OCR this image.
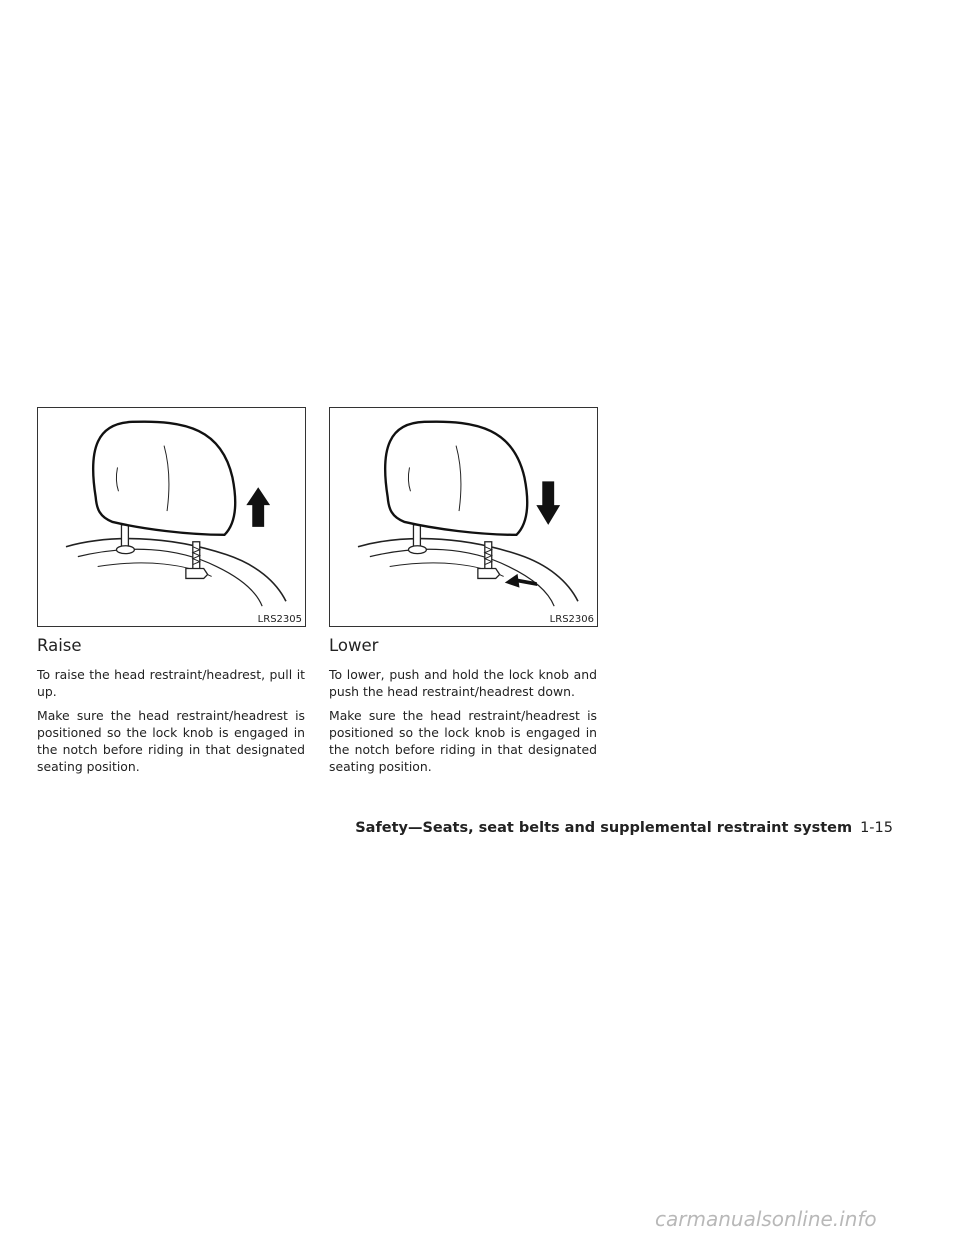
LRS2305	LRS2306
Raise

To raise the head restraint/headrest, pull it up.

Make sure the head restraint/headrest is positioned so the lock knob is engaged in the notch before riding in that designated seating position.

Lower

To lower, push and hold the lock knob and push the head restraint/headrest down.

Make sure the head restraint/headrest is positioned so the lock knob is engaged in the notch before riding in that designated seating position.

Safety—Seats, seat belts and supplemental restraint system 1-15
carmanualsonline.info
